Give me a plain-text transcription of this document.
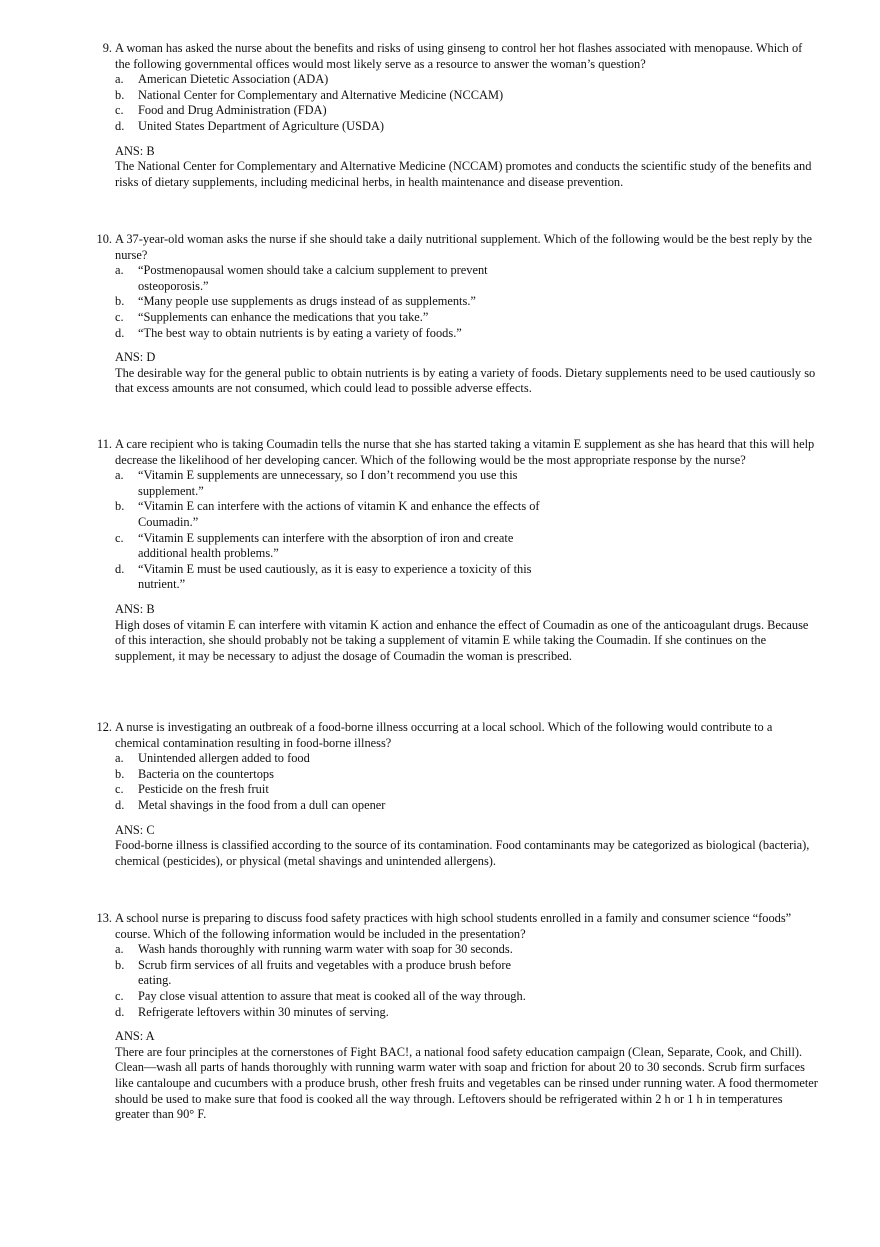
9. A woman has asked the nurse about the benefits and risks of using ginseng to control her hot flashes associated with menopause. Which of the following governmental offices would most likely serve as a resource to answer the woman’s question?
a. American Dietetic Association (ADA)
b. National Center for Complementary and Alternative Medicine (NCCAM)
c. Food and Drug Administration (FDA)
d. United States Department of Agriculture (USDA)
ANS: B
The National Center for Complementary and Alternative Medicine (NCCAM) promotes and conducts the scientific study of the benefits and risks of dietary supplements, including medicinal herbs, in health maintenance and disease prevention.
10. A 37-year-old woman asks the nurse if she should take a daily nutritional supplement. Which of the following would be the best reply by the nurse?
a. “Postmenopausal women should take a calcium supplement to prevent osteoporosis.”
b. “Many people use supplements as drugs instead of as supplements.”
c. “Supplements can enhance the medications that you take.”
d. “The best way to obtain nutrients is by eating a variety of foods.”
ANS: D
The desirable way for the general public to obtain nutrients is by eating a variety of foods. Dietary supplements need to be used cautiously so that excess amounts are not consumed, which could lead to possible adverse effects.
11. A care recipient who is taking Coumadin tells the nurse that she has started taking a vitamin E supplement as she has heard that this will help decrease the likelihood of her developing cancer. Which of the following would be the most appropriate response by the nurse?
a. “Vitamin E supplements are unnecessary, so I don’t recommend you use this supplement.”
b. “Vitamin E can interfere with the actions of vitamin K and enhance the effects of Coumadin.”
c. “Vitamin E supplements can interfere with the absorption of iron and create additional health problems.”
d. “Vitamin E must be used cautiously, as it is easy to experience a toxicity of this nutrient.”
ANS: B
High doses of vitamin E can interfere with vitamin K action and enhance the effect of Coumadin as one of the anticoagulant drugs. Because of this interaction, she should probably not be taking a supplement of vitamin E while taking the Coumadin. If she continues on the supplement, it may be necessary to adjust the dosage of Coumadin the woman is prescribed.
12. A nurse is investigating an outbreak of a food-borne illness occurring at a local school. Which of the following would contribute to a chemical contamination resulting in food-borne illness?
a. Unintended allergen added to food
b. Bacteria on the countertops
c. Pesticide on the fresh fruit
d. Metal shavings in the food from a dull can opener
ANS: C
Food-borne illness is classified according to the source of its contamination. Food contaminants may be categorized as biological (bacteria), chemical (pesticides), or physical (metal shavings and unintended allergens).
13. A school nurse is preparing to discuss food safety practices with high school students enrolled in a family and consumer science “foods” course. Which of the following information would be included in the presentation?
a. Wash hands thoroughly with running warm water with soap for 30 seconds.
b. Scrub firm services of all fruits and vegetables with a produce brush before eating.
c. Pay close visual attention to assure that meat is cooked all of the way through.
d. Refrigerate leftovers within 30 minutes of serving.
ANS: A
There are four principles at the cornerstones of Fight BAC!, a national food safety education campaign (Clean, Separate, Cook, and Chill). Clean—wash all parts of hands thoroughly with running warm water with soap and friction for about 20 to 30 seconds. Scrub firm surfaces like cantaloupe and cucumbers with a produce brush, other fresh fruits and vegetables can be rinsed under running water. A food thermometer should be used to make sure that food is cooked all the way through. Leftovers should be refrigerated within 2 h or 1 h in temperatures greater than 90° F.
